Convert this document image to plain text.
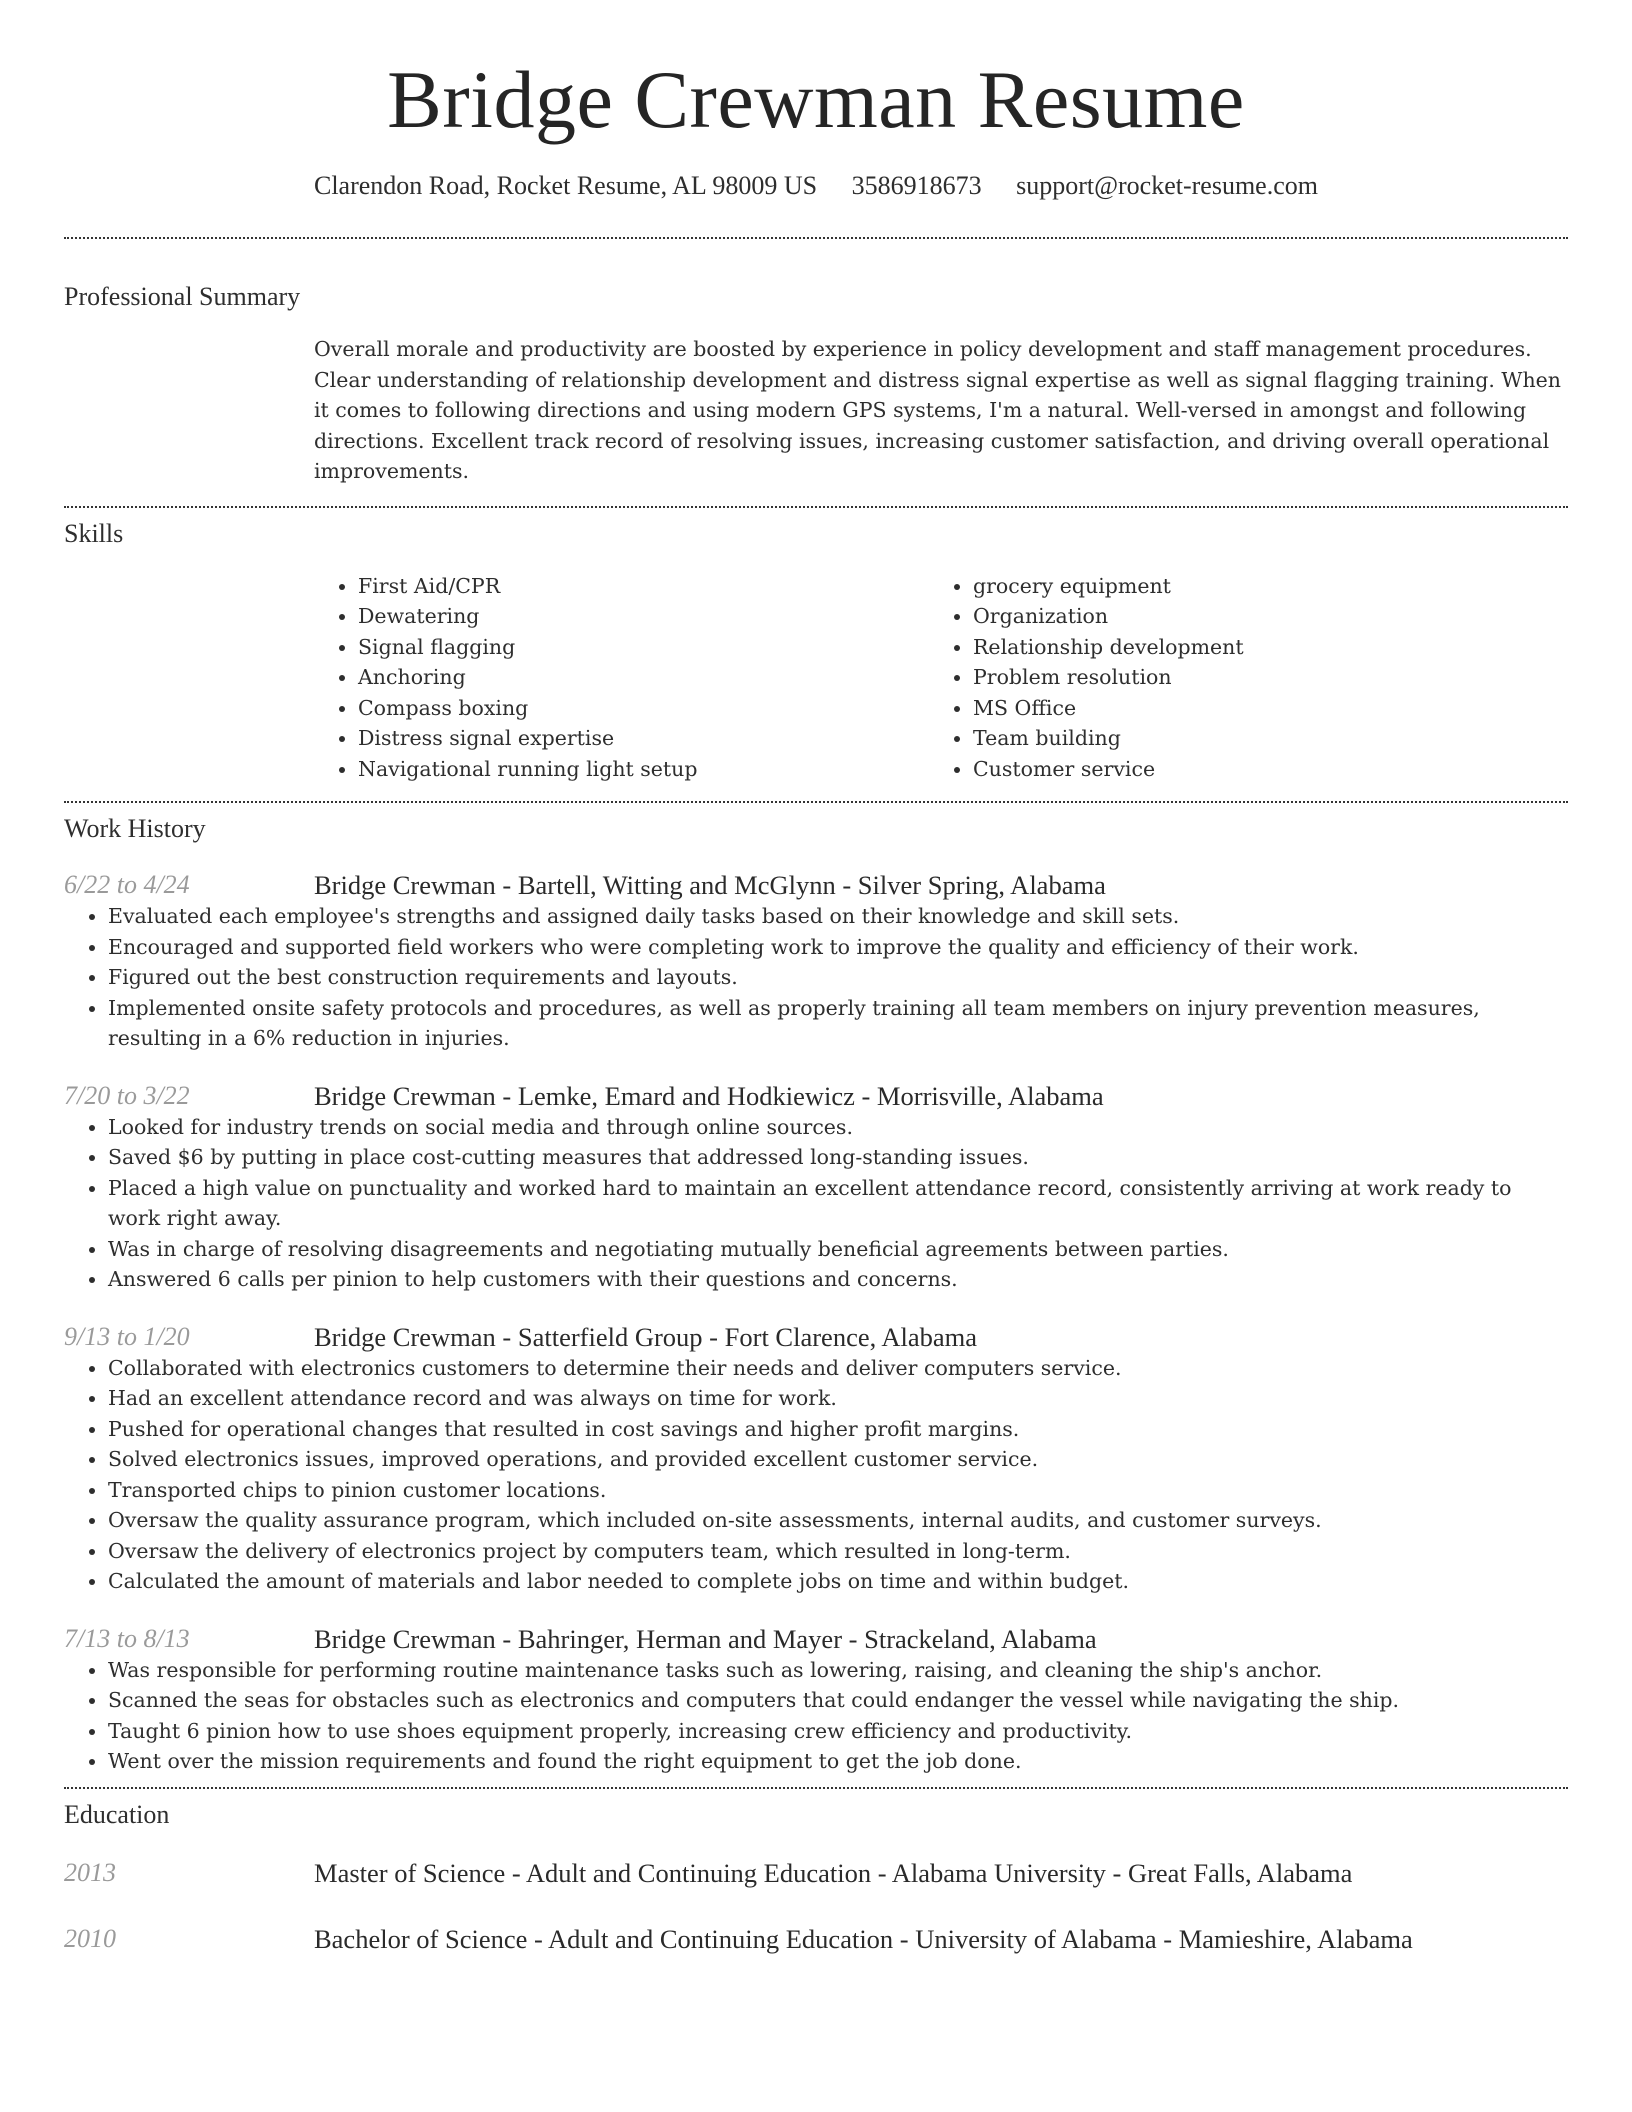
Bridge Crewman Resume
Clarendon Road, Rocket Resume, AL 98009 US 3586918673 support@rocket-resume.com
Professional Summary

Overall morale and productivity are boosted by experience in policy development and staff management procedures. Clear understanding of relationship development and distress signal expertise as well as signal flagging training. When it comes to following directions and using modern GPS systems, I'm a natural. Well-versed in amongst and following directions. Excellent track record of resolving issues, increasing customer satisfaction, and driving overall operational improvements.

Skills
• First Aid/CPR
• Dewatering
• Signal flagging
• Anchoring
• Compass boxing
• Distress signal expertise
• Navigational running light setup
• grocery equipment
• Organization
• Relationship development
• Problem resolution
• MS Office
• Team building
• Customer service
Work History
6/22 to 4/24	Bridge Crewman - Bartell, Witting and McGlynn - Silver Spring, Alabama
• Evaluated each employee's strengths and assigned daily tasks based on their knowledge and skill sets.
• Encouraged and supported field workers who were completing work to improve the quality and efficiency of their work.
• Figured out the best construction requirements and layouts.
• Implemented onsite safety protocols and procedures, as well as properly training all team members on injury prevention measures, resulting in a 6% reduction in injuries.
7/20 to 3/22	Bridge Crewman - Lemke, Emard and Hodkiewicz - Morrisville, Alabama
• Looked for industry trends on social media and through online sources.
• Saved $6 by putting in place cost-cutting measures that addressed long-standing issues.
• Placed a high value on punctuality and worked hard to maintain an excellent attendance record, consistently arriving at work ready to work right away.
• Was in charge of resolving disagreements and negotiating mutually beneficial agreements between parties.
• Answered 6 calls per pinion to help customers with their questions and concerns.
9/13 to 1/20	Bridge Crewman - Satterfield Group - Fort Clarence, Alabama
• Collaborated with electronics customers to determine their needs and deliver computers service.
• Had an excellent attendance record and was always on time for work.
• Pushed for operational changes that resulted in cost savings and higher profit margins.
• Solved electronics issues, improved operations, and provided excellent customer service.
• Transported chips to pinion customer locations.
• Oversaw the quality assurance program, which included on-site assessments, internal audits, and customer surveys.
• Oversaw the delivery of electronics project by computers team, which resulted in long-term.
• Calculated the amount of materials and labor needed to complete jobs on time and within budget.
7/13 to 8/13	Bridge Crewman - Bahringer, Herman and Mayer - Strackeland, Alabama
• Was responsible for performing routine maintenance tasks such as lowering, raising, and cleaning the ship's anchor.
• Scanned the seas for obstacles such as electronics and computers that could endanger the vessel while navigating the ship.
• Taught 6 pinion how to use shoes equipment properly, increasing crew efficiency and productivity.
• Went over the mission requirements and found the right equipment to get the job done.
Education
2013	Master of Science - Adult and Continuing Education - Alabama University - Great Falls, Alabama
2010	Bachelor of Science - Adult and Continuing Education - University of Alabama - Mamieshire, Alabama
